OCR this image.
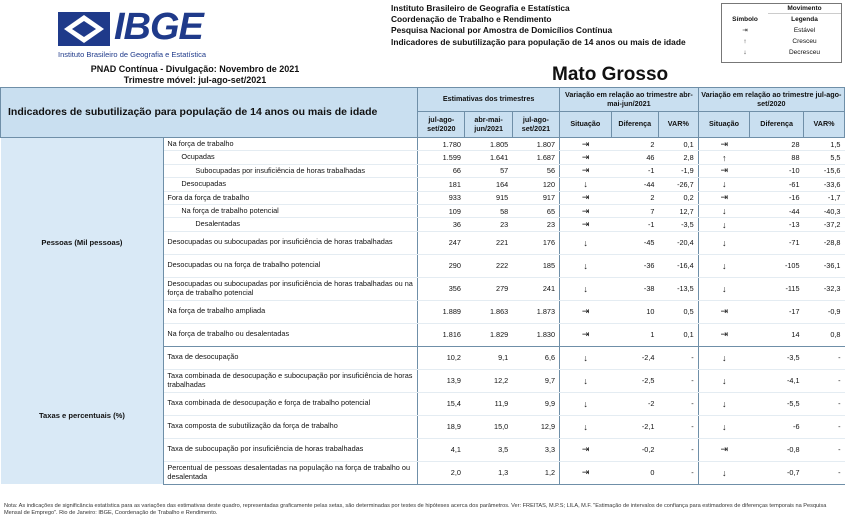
IBGE
Instituto Brasileiro de Geografia e Estatística
Instituto Brasileiro de Geografia e Estatística
Coordenação de Trabalho e Rendimento
Pesquisa Nacional por Amostra de Domicílios Contínua
Indicadores de subutilização para população de 14 anos ou mais de idade
Movimento
Símbolo	Legenda
⇥	Estável
↑	Cresceu
↓	Decresceu
PNAD Contínua - Divulgação: Novembro de 2021
Trimestre móvel: jul-ago-set/2021	Mato Grosso
Indicadores de subutilização para população de 14 anos ou mais de idade		Estimativas dos trimestres			Variação em relação ao trimestre abr-mai-jun/2021			Variação em relação ao trimestre jul-ago-set/2020		
		jul-ago-set/2020	abr-mai-jun/2021	jul-ago-set/2021	Situação	Diferença	VAR%	Situação	Diferença	VAR%
Pessoas (Mil pessoas)	Na força de trabalho	1.780	1.805	1.807	⇥	2	0,1	⇥	28	1,5
	Ocupadas	1.599	1.641	1.687	⇥	46	2,8	↑	88	5,5
	Subocupadas por insuficiência de horas trabalhadas	66	57	56	⇥	-1	-1,9	⇥	-10	-15,6
	Desocupadas	181	164	120	↓	-44	-26,7	↓	-61	-33,6
	Fora da força de trabalho	933	915	917	⇥	2	0,2	⇥	-16	-1,7
	Na força de trabalho potencial	109	58	65	⇥	7	12,7	↓	-44	-40,3
	Desalentadas	36	23	23	⇥	-1	-3,5	↓	-13	-37,2
	Desocupadas ou subocupadas por insuficiência de horas trabalhadas	247	221	176	↓	-45	-20,4	↓	-71	-28,8
	Desocupadas ou na força de trabalho potencial	290	222	185	↓	-36	-16,4	↓	-105	-36,1
	Desocupadas ou subocupadas por insuficiência de horas trabalhadas ou na força de trabalho potencial	356	279	241	↓	-38	-13,5	↓	-115	-32,3
	Na força de trabalho ampliada	1.889	1.863	1.873	⇥	10	0,5	⇥	-17	-0,9
	Na força de trabalho ou desalentadas	1.816	1.829	1.830	⇥	1	0,1	⇥	14	0,8
Taxas e percentuais (%)	Taxa de desocupação	10,2	9,1	6,6	↓	-2,4	-	↓	-3,5	-
	Taxa combinada de desocupação e subocupação por insuficiência de horas trabalhadas	13,9	12,2	9,7	↓	-2,5	-	↓	-4,1	-
	Taxa combinada de desocupação e força de trabalho potencial	15,4	11,9	9,9	↓	-2	-	↓	-5,5	-
	Taxa composta de subutilização da força de trabalho	18,9	15,0	12,9	↓	-2,1	-	↓	-6	-
	Taxa de subocupação por insuficiência de horas trabalhadas	4,1	3,5	3,3	⇥	-0,2	-	⇥	-0,8	-
	Percentual de pessoas desalentadas na população na força de trabalho ou desalentada	2,0	1,3	1,2	⇥	0	-	↓	-0,7	-
Nota: As indicações de significância estatística para as variações das estimativas deste quadro, representadas graficamente pelas setas, são determinadas por testes de hipóteses acerca dos parâmetros. Ver: FREITAS, M.P.S; LILA, M.F. "Estimação de intervalos de confiança para estimadores de diferenças temporais na Pesquisa Mensal de Emprego". Rio de Janeiro: IBGE, Coordenação de Trabalho e Rendimento.
